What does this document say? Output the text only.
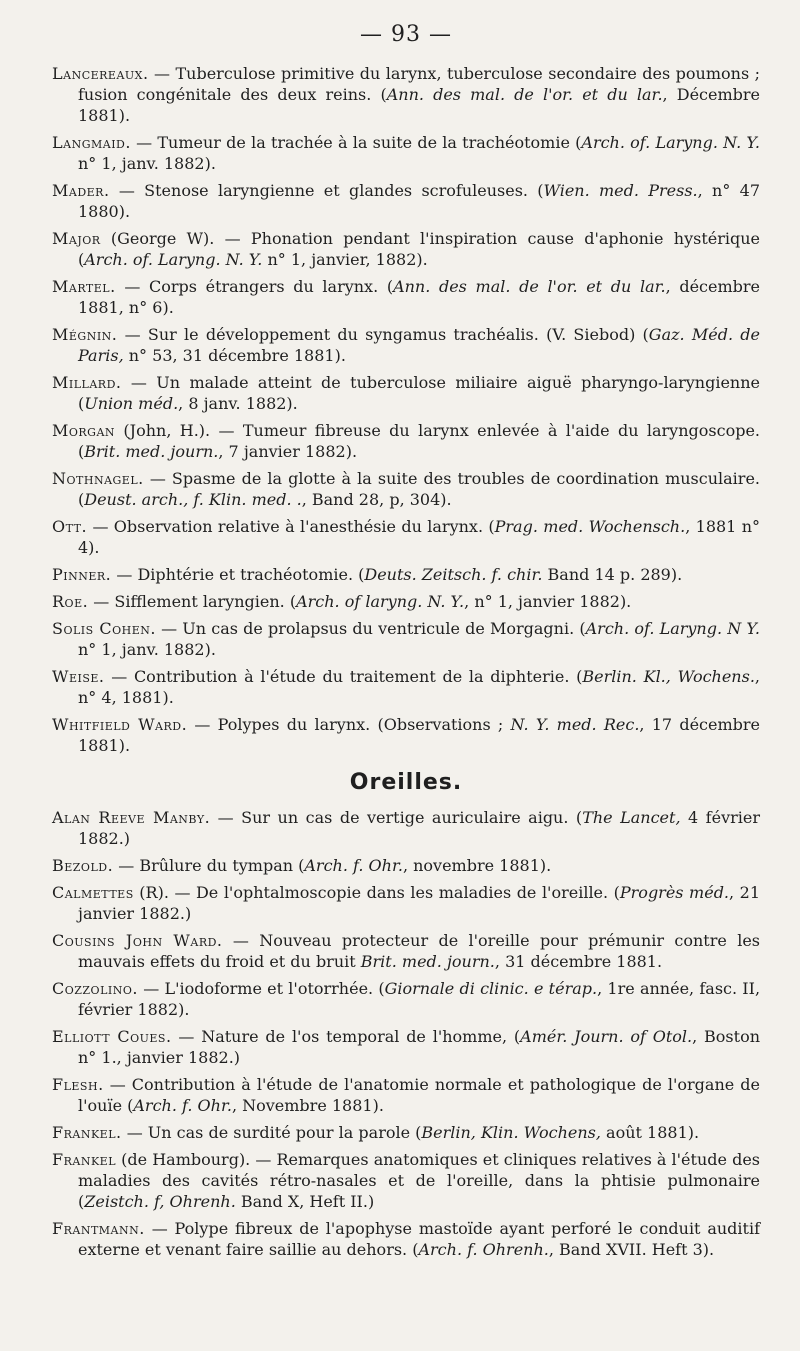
— 93 —

Lancereaux. — Tuberculose primitive du larynx, tuberculose secondaire des poumons ; fusion congénitale des deux reins. (Ann. des mal. de l'or. et du lar., Décembre 1881).

Langmaid. — Tumeur de la trachée à la suite de la trachéotomie (Arch. of. Laryng. N. Y. n° 1, janv. 1882).

Mader. — Stenose laryngienne et glandes scrofuleuses. (Wien. med. Press., n° 47 1880).

Major (George W). — Phonation pendant l'inspiration cause d'aphonie hystérique (Arch. of. Laryng. N. Y. n° 1, janvier, 1882).

Martel. — Corps étrangers du larynx. (Ann. des mal. de l'or. et du lar., décembre 1881, n° 6).

Mégnin. — Sur le développement du syngamus trachéalis. (V. Siebod) (Gaz. Méd. de Paris, n° 53, 31 décembre 1881).

Millard. — Un malade atteint de tuberculose miliaire aiguë pharyngo-laryngienne (Union méd., 8 janv. 1882).

Morgan (John, H.). — Tumeur fibreuse du larynx enlevée à l'aide du laryngoscope. (Brit. med. journ., 7 janvier 1882).

Nothnagel. — Spasme de la glotte à la suite des troubles de coordination musculaire. (Deust. arch., f. Klin. med. ., Band 28, p, 304).

Ott. — Observation relative à l'anesthésie du larynx. (Prag. med. Wochensch., 1881 n° 4).

Pinner. — Diphtérie et trachéotomie. (Deuts. Zeitsch. f. chir. Band 14 p. 289).

Roe. — Sifflement laryngien. (Arch. of laryng. N. Y., n° 1, janvier 1882).

Solis Cohen. — Un cas de prolapsus du ventricule de Morgagni. (Arch. of. Laryng. N Y. n° 1, janv. 1882).

Weise. — Contribution à l'étude du traitement de la diphterie. (Berlin. Kl., Wochens., n° 4, 1881).

Whitfield Ward. — Polypes du larynx. (Observations ; N. Y. med. Rec., 17 décembre 1881).

Oreilles.

Alan Reeve Manby. — Sur un cas de vertige auriculaire aigu. (The Lancet, 4 février 1882.)

Bezold. — Brûlure du tympan (Arch. f. Ohr., novembre 1881).

Calmettes (R). — De l'ophtalmoscopie dans les maladies de l'oreille. (Progrès méd., 21 janvier 1882.)

Cousins John Ward. — Nouveau protecteur de l'oreille pour prémunir contre les mauvais effets du froid et du bruit Brit. med. journ., 31 décembre 1881.

Cozzolino. — L'iodoforme et l'otorrhée. (Giornale di clinic. e térap., 1re année, fasc. II, février 1882).

Elliott Coues. — Nature de l'os temporal de l'homme, (Amér. Journ. of Otol., Boston n° 1., janvier 1882.)

Flesh. — Contribution à l'étude de l'anatomie normale et pathologique de l'organe de l'ouïe (Arch. f. Ohr., Novembre 1881).

Frankel. — Un cas de surdité pour la parole (Berlin, Klin. Wochens, août 1881).

Frankel (de Hambourg). — Remarques anatomiques et cliniques relatives à l'étude des maladies des cavités rétro-nasales et de l'oreille, dans la phtisie pulmonaire (Zeistch. f, Ohrenh. Band X, Heft II.)

Frantmann. — Polype fibreux de l'apophyse mastoïde ayant perforé le conduit auditif externe et venant faire saillie au dehors. (Arch. f. Ohrenh., Band XVII. Heft 3).
